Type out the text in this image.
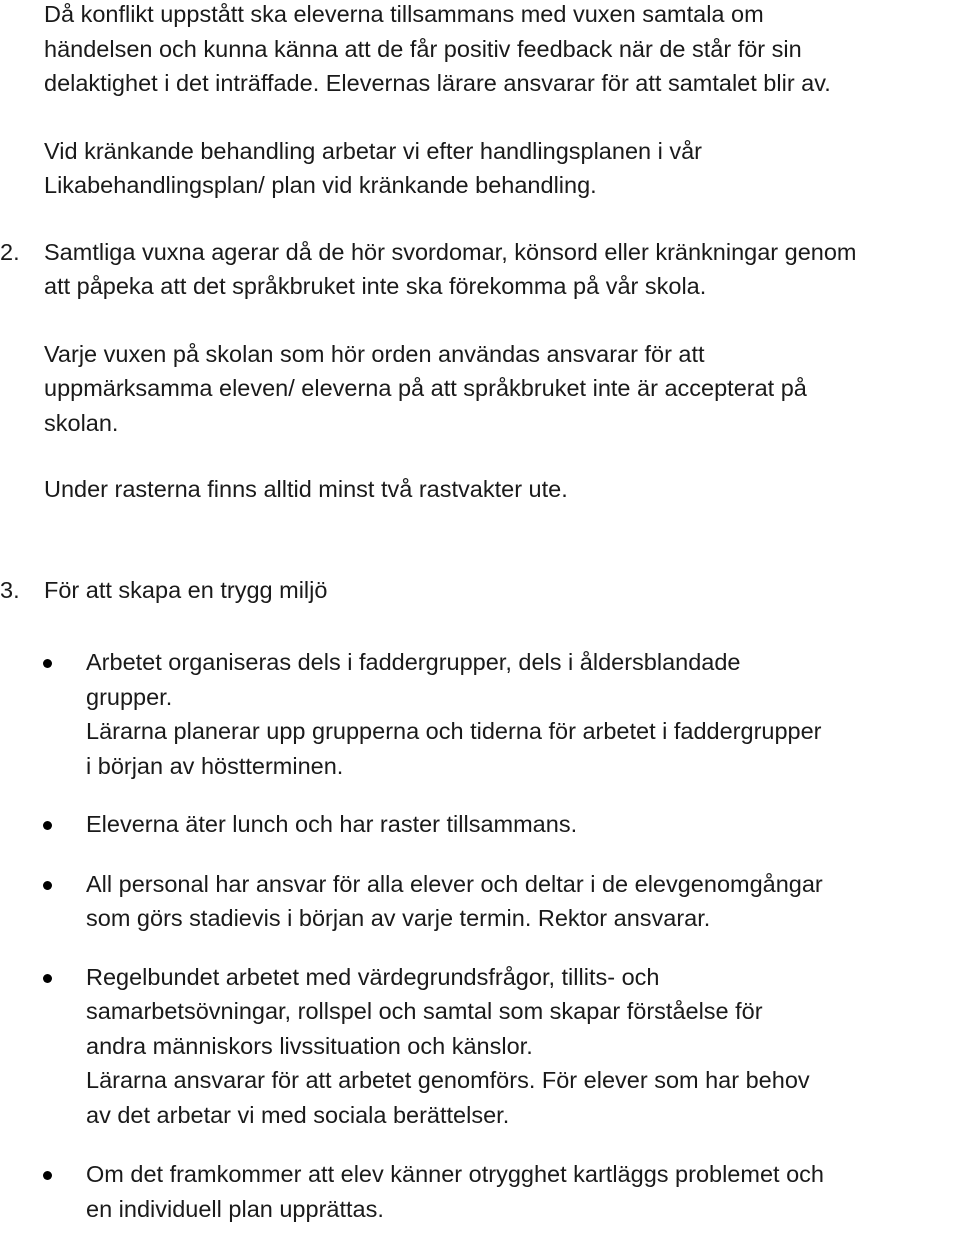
Då konflikt uppstått ska eleverna tillsammans med vuxen samtala om
händelsen och kunna känna att de får positiv feedback när de står för sin
delaktighet i det inträffade. Elevernas lärare ansvarar för att samtalet blir av.

Vid kränkande behandling arbetar vi efter handlingsplanen i vår
Likabehandlingsplan/ plan vid kränkande behandling.

2.	Samtliga vuxna agerar då de hör svordomar, könsord eller kränkningar genom
att påpeka att det språkbruket inte ska förekomma på vår skola.

Varje vuxen på skolan som hör orden användas ansvarar för att
uppmärksamma eleven/ eleverna på att språkbruket inte är accepterat på
skolan.

Under rasterna finns alltid minst två rastvakter ute.

3.	För att skapa en trygg miljö

Arbetet organiseras dels i faddergrupper, dels i åldersblandade
grupper.
Lärarna planerar upp grupperna och tiderna för arbetet i faddergrupper
i början av höstterminen.
Eleverna äter lunch och har raster tillsammans.
All personal har ansvar för alla elever och deltar i de elevgenomgångar
som görs stadievis i början av varje termin. Rektor ansvarar.
Regelbundet arbetet med värdegrundsfrågor, tillits- och
samarbetsövningar, rollspel och samtal som skapar förståelse för
andra människors livssituation och känslor.
Lärarna ansvarar för att arbetet genomförs. För elever som har behov
av det arbetar vi med sociala berättelser.
Om det framkommer att elev känner otrygghet kartläggs problemet och
en individuell plan upprättas.
